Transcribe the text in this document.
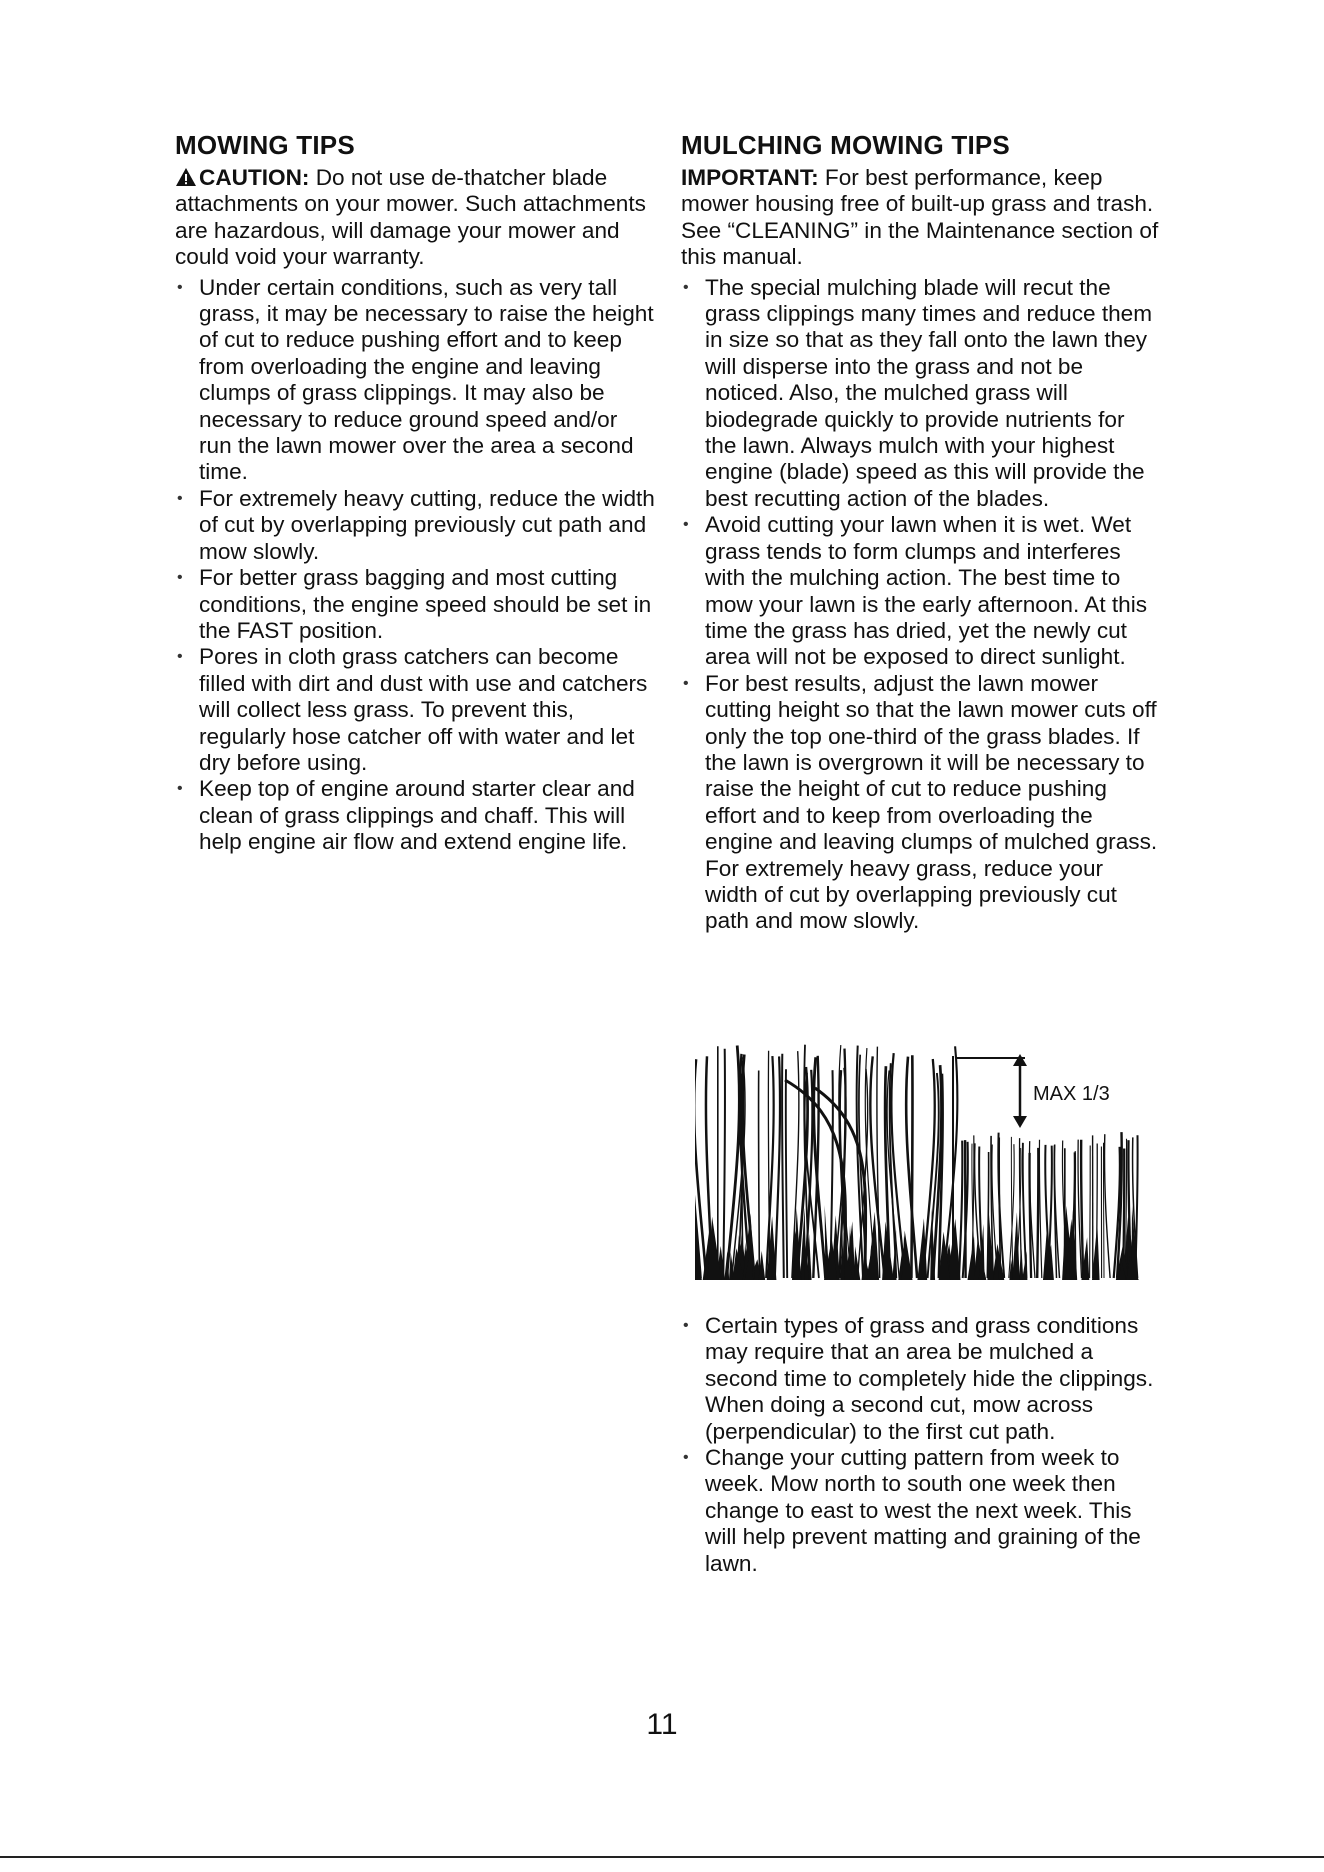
MOWING TIPS

CAUTION: Do not use de-thatcher blade attachments on your mower. Such attachments are hazardous, will damage your mower and could void your warranty.

• Under certain conditions, such as very tall grass, it may be necessary to raise the height of cut to reduce pushing effort and to keep from overloading the engine and leaving clumps of grass clippings. It may also be necessary to reduce ground speed and/or run the lawn mower over the area a second time.
• For extremely heavy cutting, reduce the width of cut by overlapping previously cut path and mow slowly.
• For better grass bagging and most cutting conditions, the engine speed should be set in the FAST position.
• Pores in cloth grass catchers can become filled with dirt and dust with use and catchers will collect less grass. To prevent this, regularly hose catcher off with water and let dry before using.
• Keep top of engine around starter clear and clean of grass clippings and chaff. This will help engine air flow and extend engine life.
MULCHING MOWING TIPS

IMPORTANT: For best performance, keep mower housing free of built-up grass and trash. See “CLEANING” in the Maintenance section of this manual.

• The special mulching blade will recut the grass clippings many times and reduce them in size so that as they fall onto the lawn they will disperse into the grass and not be noticed. Also, the mulched grass will biodegrade quickly to provide nutrients for the lawn. Always mulch with your highest engine (blade) speed as this will provide the best recutting action of the blades.
• Avoid cutting your lawn when it is wet. Wet grass tends to form clumps and interferes with the mulching action. The best time to mow your lawn is the early afternoon. At this time the grass has dried, yet the newly cut area will not be exposed to direct sunlight.
• For best results, adjust the lawn mower cutting height so that the lawn mower cuts off only the top one-third of the grass blades. If the lawn is overgrown it will be necessary to raise the height of cut to reduce pushing effort and to keep from overloading the engine and leaving clumps of mulched grass. For extremely heavy grass, reduce your width of cut by overlapping previously cut path and mow slowly.
MAX 1/3
• Certain types of grass and grass conditions may require that an area be mulched a second time to completely hide the clippings. When doing a second cut, mow across (perpendicular) to the first cut path.
• Change your cutting pattern from week to week. Mow north to south one week then change to east to west the next week. This will help prevent matting and graining of the lawn.
11
